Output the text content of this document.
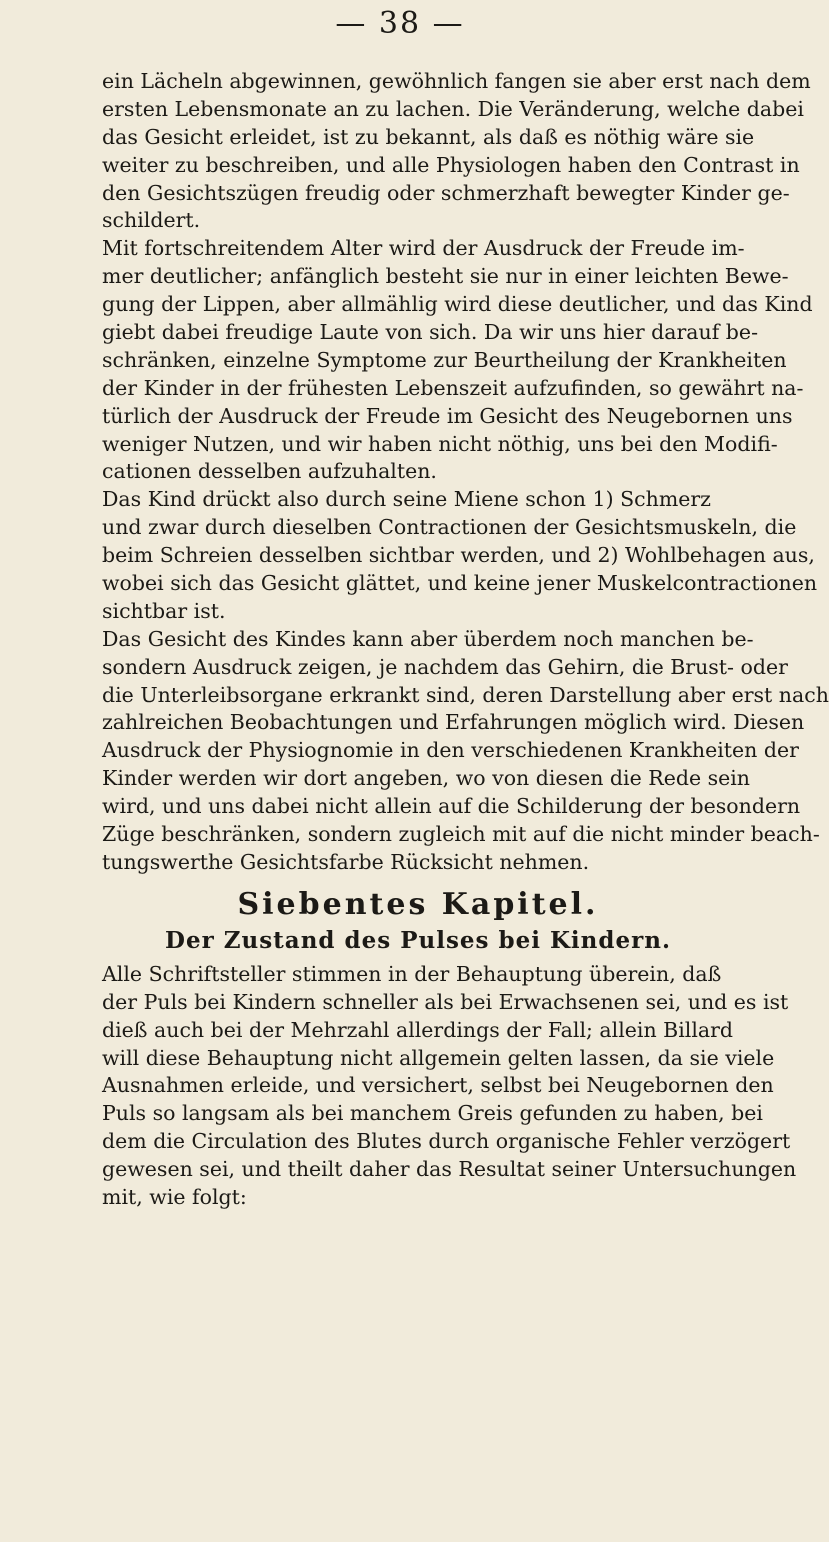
— 38 —
ein Lächeln abgewinnen, gewöhnlich fangen sie aber erst nach dem
ersten Lebensmonate an zu lachen. Die Veränderung, welche dabei
das Gesicht erleidet, ist zu bekannt, als daß es nöthig wäre sie
weiter zu beschreiben, und alle Physiologen haben den Contrast in
den Gesichtszügen freudig oder schmerzhaft bewegter Kinder ge-
schildert.
Mit fortschreitendem Alter wird der Ausdruck der Freude im-
mer deutlicher; anfänglich besteht sie nur in einer leichten Bewe-
gung der Lippen, aber allmählig wird diese deutlicher, und das Kind
giebt dabei freudige Laute von sich. Da wir uns hier darauf be-
schränken, einzelne Symptome zur Beurtheilung der Krankheiten
der Kinder in der frühesten Lebenszeit aufzufinden, so gewährt na-
türlich der Ausdruck der Freude im Gesicht des Neugebornen uns
weniger Nutzen, und wir haben nicht nöthig, uns bei den Modifi-
cationen desselben aufzuhalten.
Das Kind drückt also durch seine Miene schon 1) Schmerz
und zwar durch dieselben Contractionen der Gesichtsmuskeln, die
beim Schreien desselben sichtbar werden, und 2) Wohlbehagen aus,
wobei sich das Gesicht glättet, und keine jener Muskelcontractionen
sichtbar ist.
Das Gesicht des Kindes kann aber überdem noch manchen be-
sondern Ausdruck zeigen, je nachdem das Gehirn, die Brust- oder
die Unterleibsorgane erkrankt sind, deren Darstellung aber erst nach
zahlreichen Beobachtungen und Erfahrungen möglich wird. Diesen
Ausdruck der Physiognomie in den verschiedenen Krankheiten der
Kinder werden wir dort angeben, wo von diesen die Rede sein
wird, und uns dabei nicht allein auf die Schilderung der besondern
Züge beschränken, sondern zugleich mit auf die nicht minder beach-
tungswerthe Gesichtsfarbe Rücksicht nehmen.
Siebentes Kapitel.
Der Zustand des Pulses bei Kindern.
Alle Schriftsteller stimmen in der Behauptung überein, daß
der Puls bei Kindern schneller als bei Erwachsenen sei, und es ist
dieß auch bei der Mehrzahl allerdings der Fall; allein Billard
will diese Behauptung nicht allgemein gelten lassen, da sie viele
Ausnahmen erleide, und versichert, selbst bei Neugebornen den
Puls so langsam als bei manchem Greis gefunden zu haben, bei
dem die Circulation des Blutes durch organische Fehler verzögert
gewesen sei, und theilt daher das Resultat seiner Untersuchungen
mit, wie folgt:
